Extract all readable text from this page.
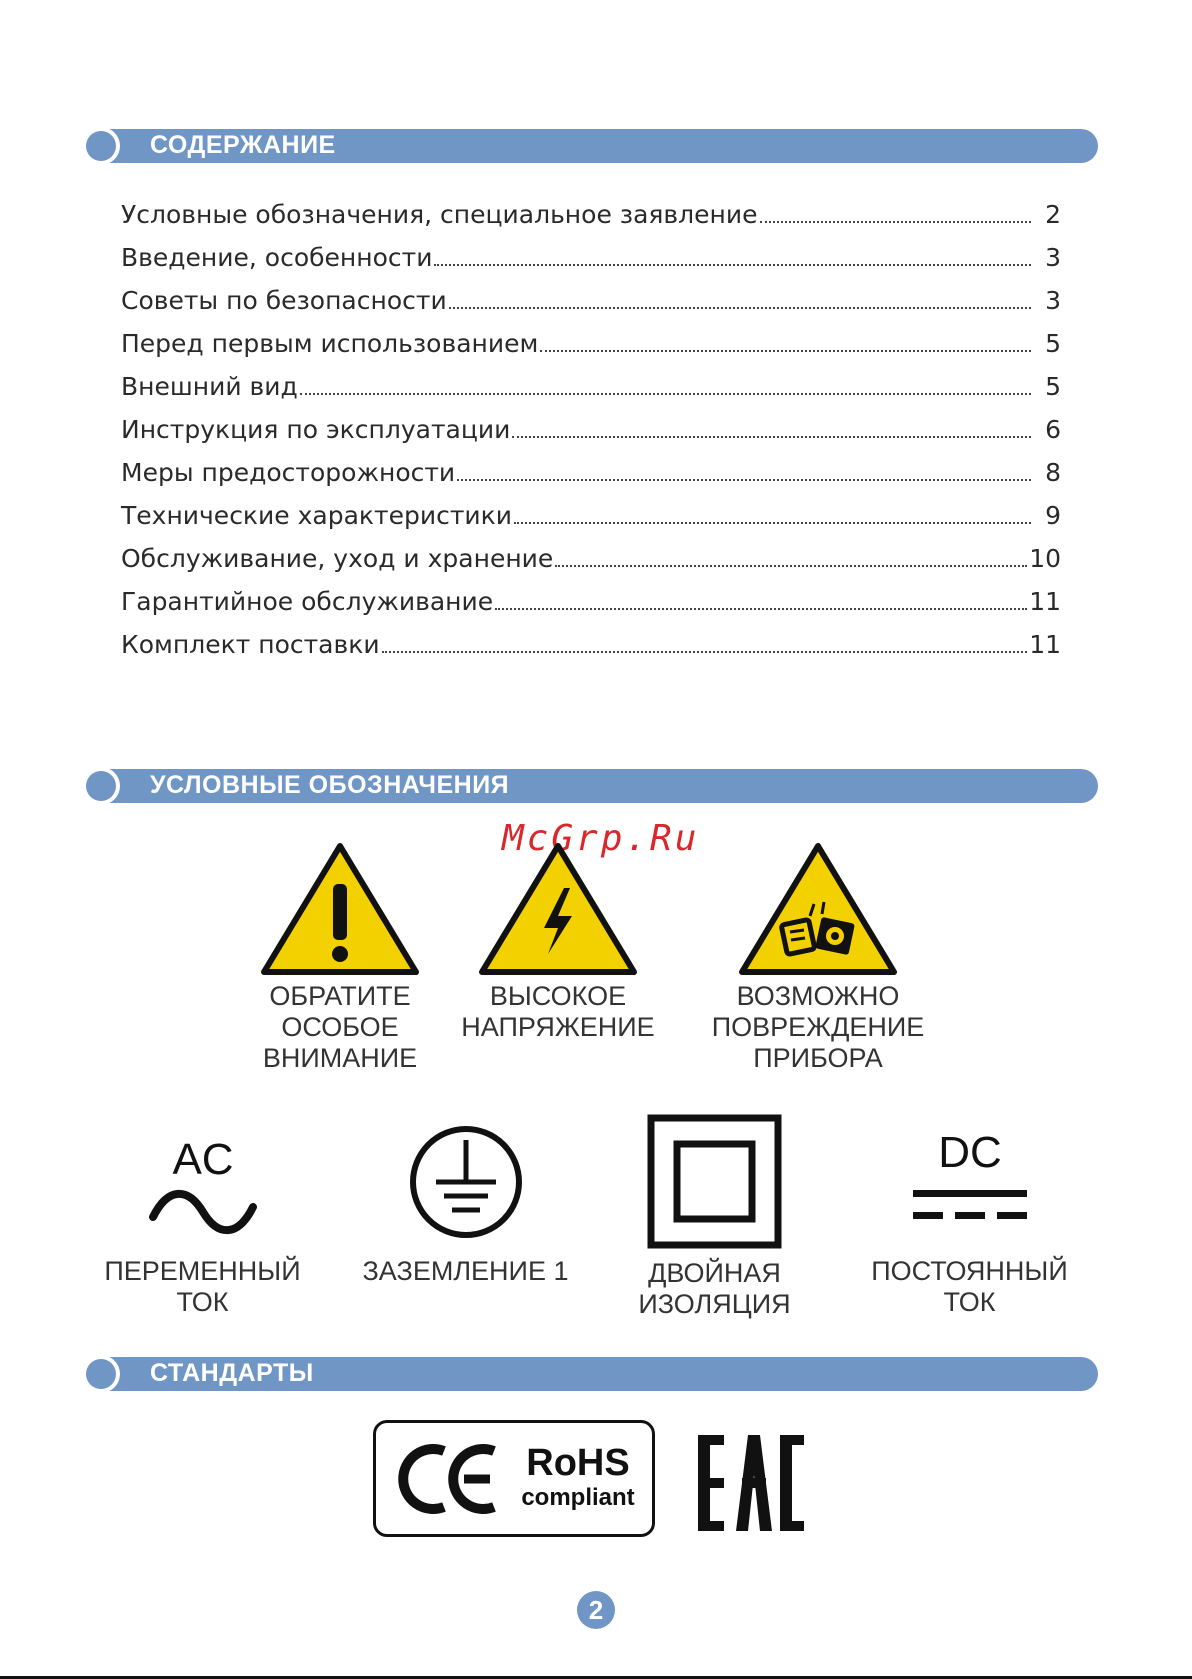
СОДЕРЖАНИЕ
Условные обозначения, специальное заявление	2
Введение, особенности	3
Советы по безопасности	3
Перед первым использованием	5
Внешний вид	5
Инструкция по эксплуатации	6
Меры предосторожности	8
Технические характеристики	9
Обслуживание, уход и хранение	10
Гарантийное обслуживание	11
Комплект поставки	11
УСЛОВНЫЕ ОБОЗНАЧЕНИЯ
McGrp.Ru
ОБРАТИТЕ
ОСОБОЕ
ВНИМАНИЕ
ВЫСОКОЕ
НАПРЯЖЕНИЕ
ВОЗМОЖНО
ПОВРЕЖДЕНИЕ
ПРИБОРА
AC
ПЕРЕМЕННЫЙ
ТОК
ЗАЗЕМЛЕНИЕ 1	ДВОЙНАЯ
ИЗОЛЯЦИЯ
DC
ПОСТОЯННЫЙ
ТОК
СТАНДАРТЫ
RoHS
compliant
2
